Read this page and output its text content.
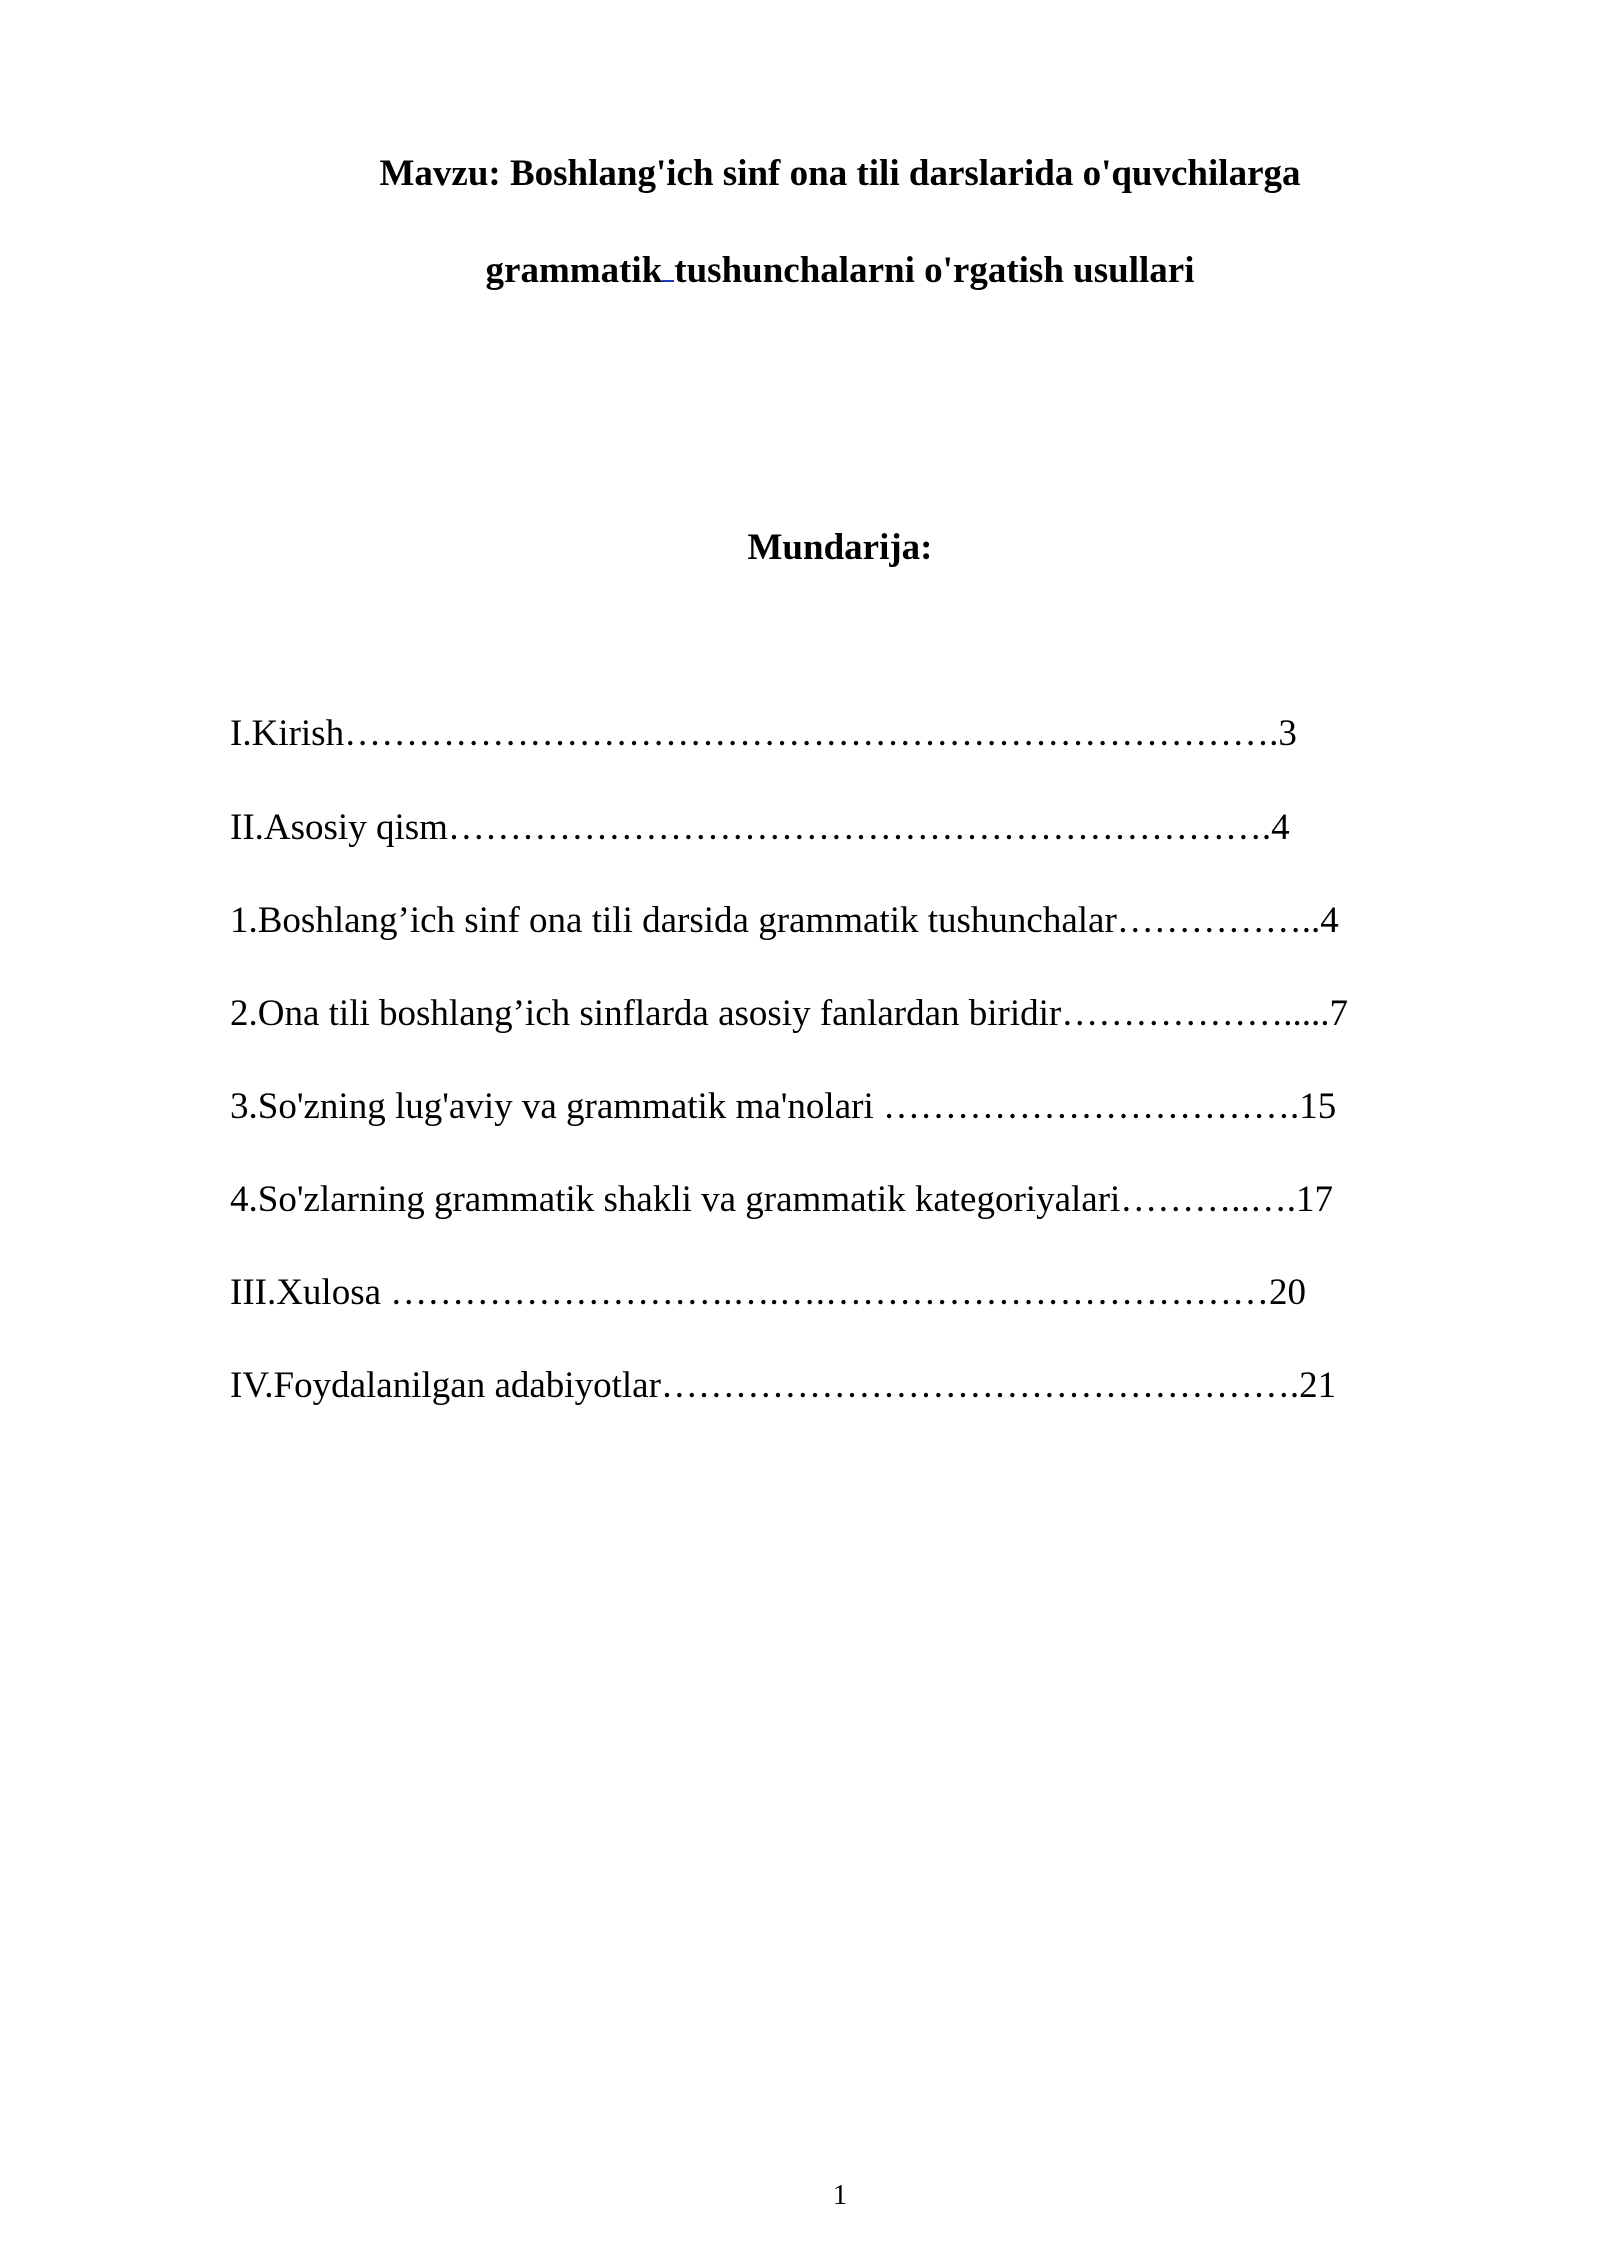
Mavzu: Boshlang'ich sinf ona tili darslarida o'quvchilarga
grammatik tushunchalarni o'rgatish usullari
Mundarija:
I.Kirish………………………………………………………………….3
II.Asosiy qism………………………………………………………….4
1.Boshlang’ich sinf ona tili darsida grammatik tushunchalar……………..4
2.Ona tili boshlang’ich sinflarda asosiy fanlardan biridir……………….....7
3.So'zning lug'aviy va grammatik ma'nolari …………………………….15
4.So'zlarning grammatik shakli va grammatik kategoriyalari………..….17
III.Xulosa ……………………….….….………………………………20
IV.Foydalanilgan adabiyotlar…………………………………………….21
1
